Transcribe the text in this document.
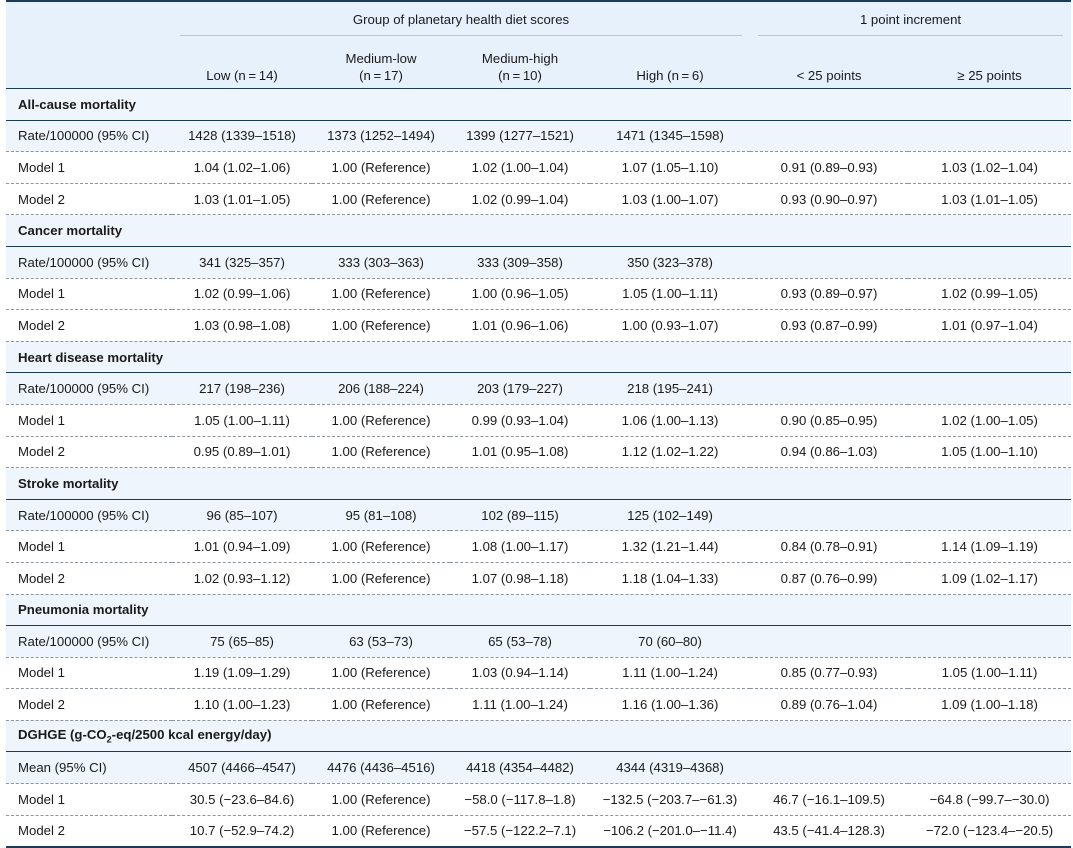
	Group of planetary health diet scores				1 point increment	

	Low (n = 14)	Medium-low
(n = 17)	Medium-high
(n = 10)	High (n = 6)	< 25 points	≥ 25 points
All-cause mortality						
Rate/100000 (95% CI)	1428 (1339–1518)	1373 (1252–1494)	1399 (1277–1521)	1471 (1345–1598)		
Model 1	1.04 (1.02–1.06)	1.00 (Reference)	1.02 (1.00–1.04)	1.07 (1.05–1.10)	0.91 (0.89–0.93)	1.03 (1.02–1.04)
Model 2	1.03 (1.01–1.05)	1.00 (Reference)	1.02 (0.99–1.04)	1.03 (1.00–1.07)	0.93 (0.90–0.97)	1.03 (1.01–1.05)
Cancer mortality						
Rate/100000 (95% CI)	341 (325–357)	333 (303–363)	333 (309–358)	350 (323–378)		
Model 1	1.02 (0.99–1.06)	1.00 (Reference)	1.00 (0.96–1.05)	1.05 (1.00–1.11)	0.93 (0.89–0.97)	1.02 (0.99–1.05)
Model 2	1.03 (0.98–1.08)	1.00 (Reference)	1.01 (0.96–1.06)	1.00 (0.93–1.07)	0.93 (0.87–0.99)	1.01 (0.97–1.04)
Heart disease mortality						
Rate/100000 (95% CI)	217 (198–236)	206 (188–224)	203 (179–227)	218 (195–241)		
Model 1	1.05 (1.00–1.11)	1.00 (Reference)	0.99 (0.93–1.04)	1.06 (1.00–1.13)	0.90 (0.85–0.95)	1.02 (1.00–1.05)
Model 2	0.95 (0.89–1.01)	1.00 (Reference)	1.01 (0.95–1.08)	1.12 (1.02–1.22)	0.94 (0.86–1.03)	1.05 (1.00–1.10)
Stroke mortality						
Rate/100000 (95% CI)	96 (85–107)	95 (81–108)	102 (89–115)	125 (102–149)		
Model 1	1.01 (0.94–1.09)	1.00 (Reference)	1.08 (1.00–1.17)	1.32 (1.21–1.44)	0.84 (0.78–0.91)	1.14 (1.09–1.19)
Model 2	1.02 (0.93–1.12)	1.00 (Reference)	1.07 (0.98–1.18)	1.18 (1.04–1.33)	0.87 (0.76–0.99)	1.09 (1.02–1.17)
Pneumonia mortality						
Rate/100000 (95% CI)	75 (65–85)	63 (53–73)	65 (53–78)	70 (60–80)		
Model 1	1.19 (1.09–1.29)	1.00 (Reference)	1.03 (0.94–1.14)	1.11 (1.00–1.24)	0.85 (0.77–0.93)	1.05 (1.00–1.11)
Model 2	1.10 (1.00–1.23)	1.00 (Reference)	1.11 (1.00–1.24)	1.16 (1.00–1.36)	0.89 (0.76–1.04)	1.09 (1.00–1.18)
DGHGE ($g-CO_2-eq/2500$ kcal energy/day)						
Mean (95% CI)	4507 (4466–4547)	4476 (4436–4516)	4418 (4354–4482)	4344 (4319–4368)		
Model 1	30.5 (−23.6–84.6)	1.00 (Reference)	−58.0 (−117.8–1.8)	−132.5 (−203.7–−61.3)	46.7 (−16.1–109.5)	−64.8 (−99.7–−30.0)
Model 2	10.7 (−52.9–74.2)	1.00 (Reference)	−57.5 (−122.2–7.1)	−106.2 (−201.0–−11.4)	43.5 (−41.4–128.3)	−72.0 (−123.4–−20.5)
